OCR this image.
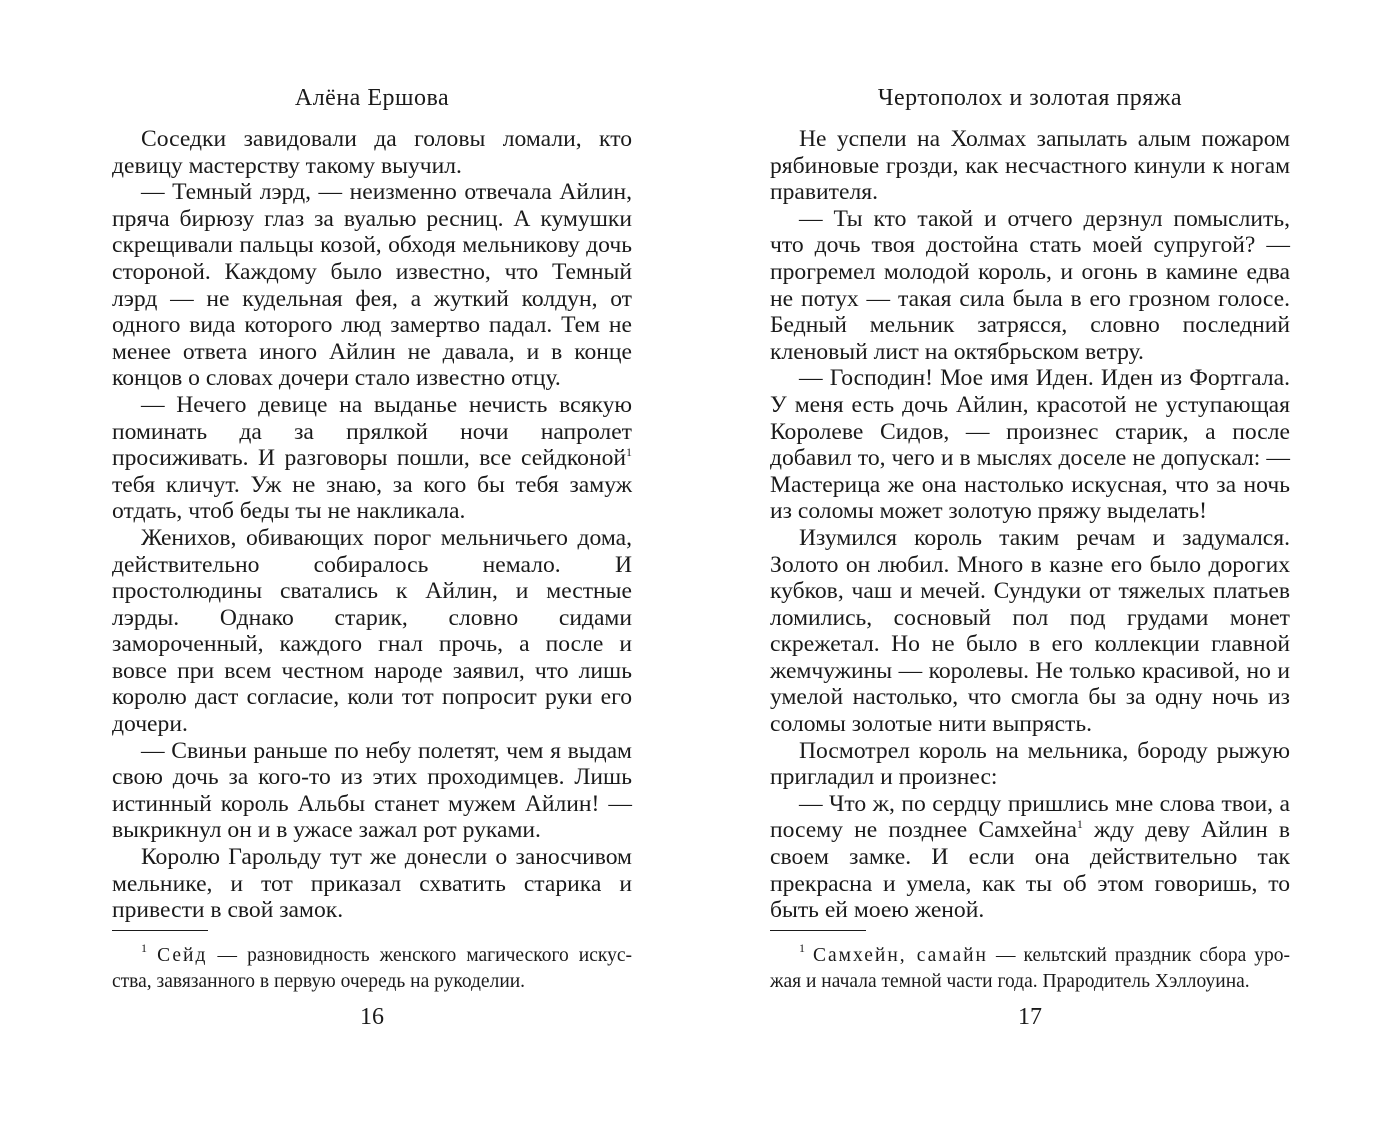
Алёна Ершова

Соседки завидовали да головы ломали, кто девицу мастерству такому выучил.

— Темный лэрд, — неизменно отвечала Айлин, пряча бирюзу глаз за вуалью ресниц. А кумушки скрещивали пальцы козой, обходя мельникову дочь стороной. Каждому было известно, что Темный лэрд — не кудельная фея, а жуткий колдун, от одного вида которого люд замертво падал. Тем не менее ответа иного Айлин не давала, и в конце концов о словах дочери стало известно отцу.

— Нечего девице на выданье нечисть всякую поминать да за прялкой ночи напролет просиживать. И разговоры пошли, все сейдконой$^1$ тебя кличут. Уж не знаю, за кого бы тебя замуж отдать, чтоб беды ты не накликала.

Женихов, обивающих порог мельничьего дома, действительно собиралось немало. И простолюдины сватались к Айлин, и местные лэрды. Однако старик, словно сидами замороченный, каждого гнал прочь, а после и вовсе при всем честном народе заявил, что лишь королю даст согласие, коли тот попросит руки его дочери.

— Свиньи раньше по небу полетят, чем я выдам свою дочь за кого-то из этих проходимцев. Лишь истинный король Альбы станет мужем Айлин! — выкрикнул он и в ужасе зажал рот руками.

Королю Гарольду тут же донесли о заносчивом мельнике, и тот приказал схватить старика и привести в свой замок.

$^1$ Сейд — разновидность женского магического искусства, завязанного в первую очередь на рукоделии.

16
Чертополох и золотая пряжа

Не успели на Холмах запылать алым пожаром рябиновые грозди, как несчастного кинули к ногам правителя.

— Ты кто такой и отчего дерзнул помыслить, что дочь твоя достойна стать моей супругой? — прогремел молодой король, и огонь в камине едва не потух — такая сила была в его грозном голосе. Бедный мельник затрясся, словно последний кленовый лист на октябрьском ветру.

— Господин! Мое имя Иден. Иден из Фортгала. У меня есть дочь Айлин, красотой не уступающая Королеве Сидов, — произнес старик, а после добавил то, чего и в мыслях доселе не допускал: — Мастерица же она настолько искусная, что за ночь из соломы может золотую пряжу выделать!

Изумился король таким речам и задумался. Золото он любил. Много в казне его было дорогих кубков, чаш и мечей. Сундуки от тяжелых платьев ломились, сосновый пол под грудами монет скрежетал. Но не было в его коллекции главной жемчужины — королевы. Не только красивой, но и умелой настолько, что смогла бы за одну ночь из соломы золотые нити выпрясть.

Посмотрел король на мельника, бороду рыжую пригладил и произнес:

— Что ж, по сердцу пришлись мне слова твои, а посему не позднее Самхейна$^1$ жду деву Айлин в своем замке. И если она действительно так прекрасна и умела, как ты об этом говоришь, то быть ей моею женой.

$^1$ Самхейн, самайн — кельтский праздник сбора урожая и начала темной части года. Прародитель Хэллоуина.

17
